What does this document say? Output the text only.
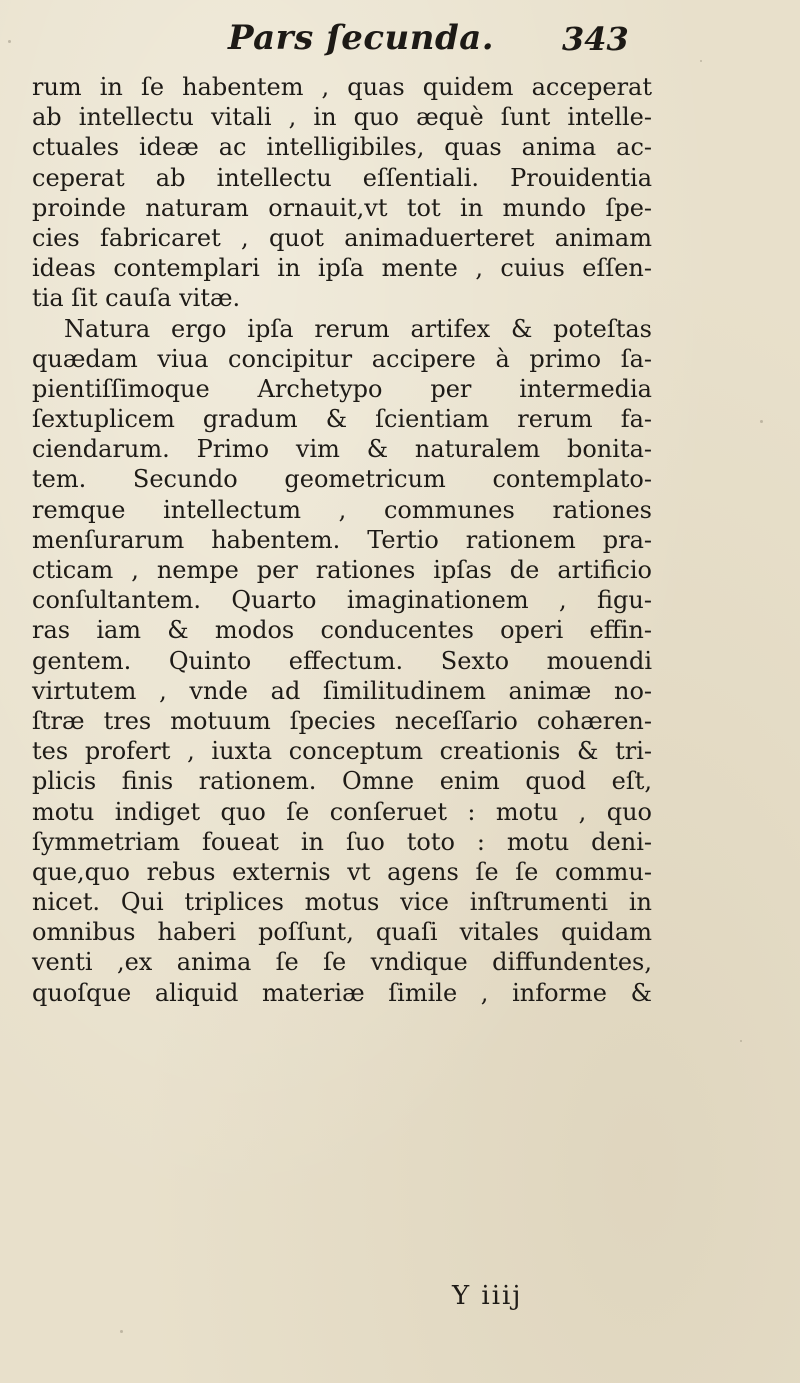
Pars ſecunda. 343
rum in ſe habentem , quas quidem acceperat
ab intellectu vitali , in quo æquè ſunt intelle-
ctuales ideæ ac intelligibiles, quas anima ac-
ceperat ab intellectu eſſentiali. Prouidentia
proinde naturam ornauit,vt tot in mundo ſpe-
cies fabricaret , quot animaduerteret animam
ideas contemplari in ipſa mente , cuius eſſen-
tia ſit cauſa vitæ.
Natura ergo ipſa rerum artifex & poteſtas
quædam viua concipitur accipere à primo ſa-
pientiſſimoque Archetypo per intermedia
ſextuplicem gradum & ſcientiam rerum fa-
ciendarum. Primo vim & naturalem bonita-
tem. Secundo geometricum contemplato-
remque intellectum , communes rationes
menſurarum habentem. Tertio rationem pra-
cticam , nempe per rationes ipſas de artificio
conſultantem. Quarto imaginationem , figu-
ras iam & modos conducentes operi effin-
gentem. Quinto effectum. Sexto mouendi
virtutem , vnde ad ſimilitudinem animæ no-
ſtræ tres motuum ſpecies neceſſario cohæren-
tes profert , iuxta conceptum creationis & tri-
plicis finis rationem. Omne enim quod eſt,
motu indiget quo ſe conſeruet : motu , quo
ſymmetriam foueat in ſuo toto : motu deni-
que,quo rebus externis vt agens ſe ſe commu-
nicet. Qui triplices motus vice inſtrumenti in
omnibus haberi poſſunt, quaſi vitales quidam
venti ,ex anima ſe ſe vndique diffundentes,
quoſque aliquid materiæ ſimile , informe &
Y iiij
